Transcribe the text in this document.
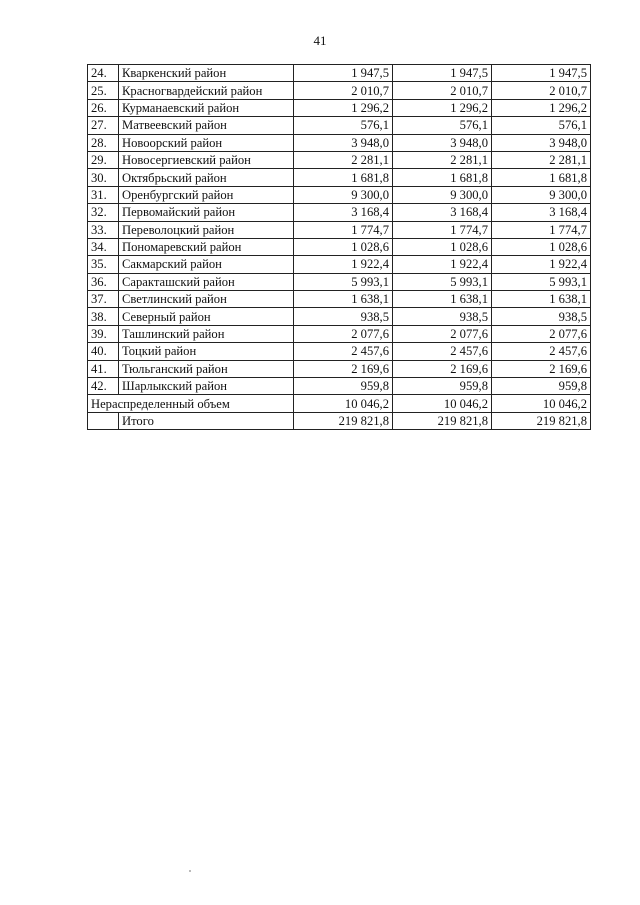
41
24.	Кваркенский район	1 947,5	1 947,5	1 947,5
25.	Красногвардейский район	2 010,7	2 010,7	2 010,7
26.	Курманаевский район	1 296,2	1 296,2	1 296,2
27.	Матвеевский район	576,1	576,1	576,1
28.	Новоорский район	3 948,0	3 948,0	3 948,0
29.	Новосергиевский район	2 281,1	2 281,1	2 281,1
30.	Октябрьский район	1 681,8	1 681,8	1 681,8
31.	Оренбургский район	9 300,0	9 300,0	9 300,0
32.	Первомайский район	3 168,4	3 168,4	3 168,4
33.	Переволоцкий район	1 774,7	1 774,7	1 774,7
34.	Пономаревский район	1 028,6	1 028,6	1 028,6
35.	Сакмарский район	1 922,4	1 922,4	1 922,4
36.	Саракташский район	5 993,1	5 993,1	5 993,1
37.	Светлинский район	1 638,1	1 638,1	1 638,1
38.	Северный район	938,5	938,5	938,5
39.	Ташлинский район	2 077,6	2 077,6	2 077,6
40.	Тоцкий район	2 457,6	2 457,6	2 457,6
41.	Тюльганский район	2 169,6	2 169,6	2 169,6
42.	Шарлыкский район	959,8	959,8	959,8
Нераспределенный объем		10 046,2	10 046,2	10 046,2
	Итого	219 821,8	219 821,8	219 821,8
